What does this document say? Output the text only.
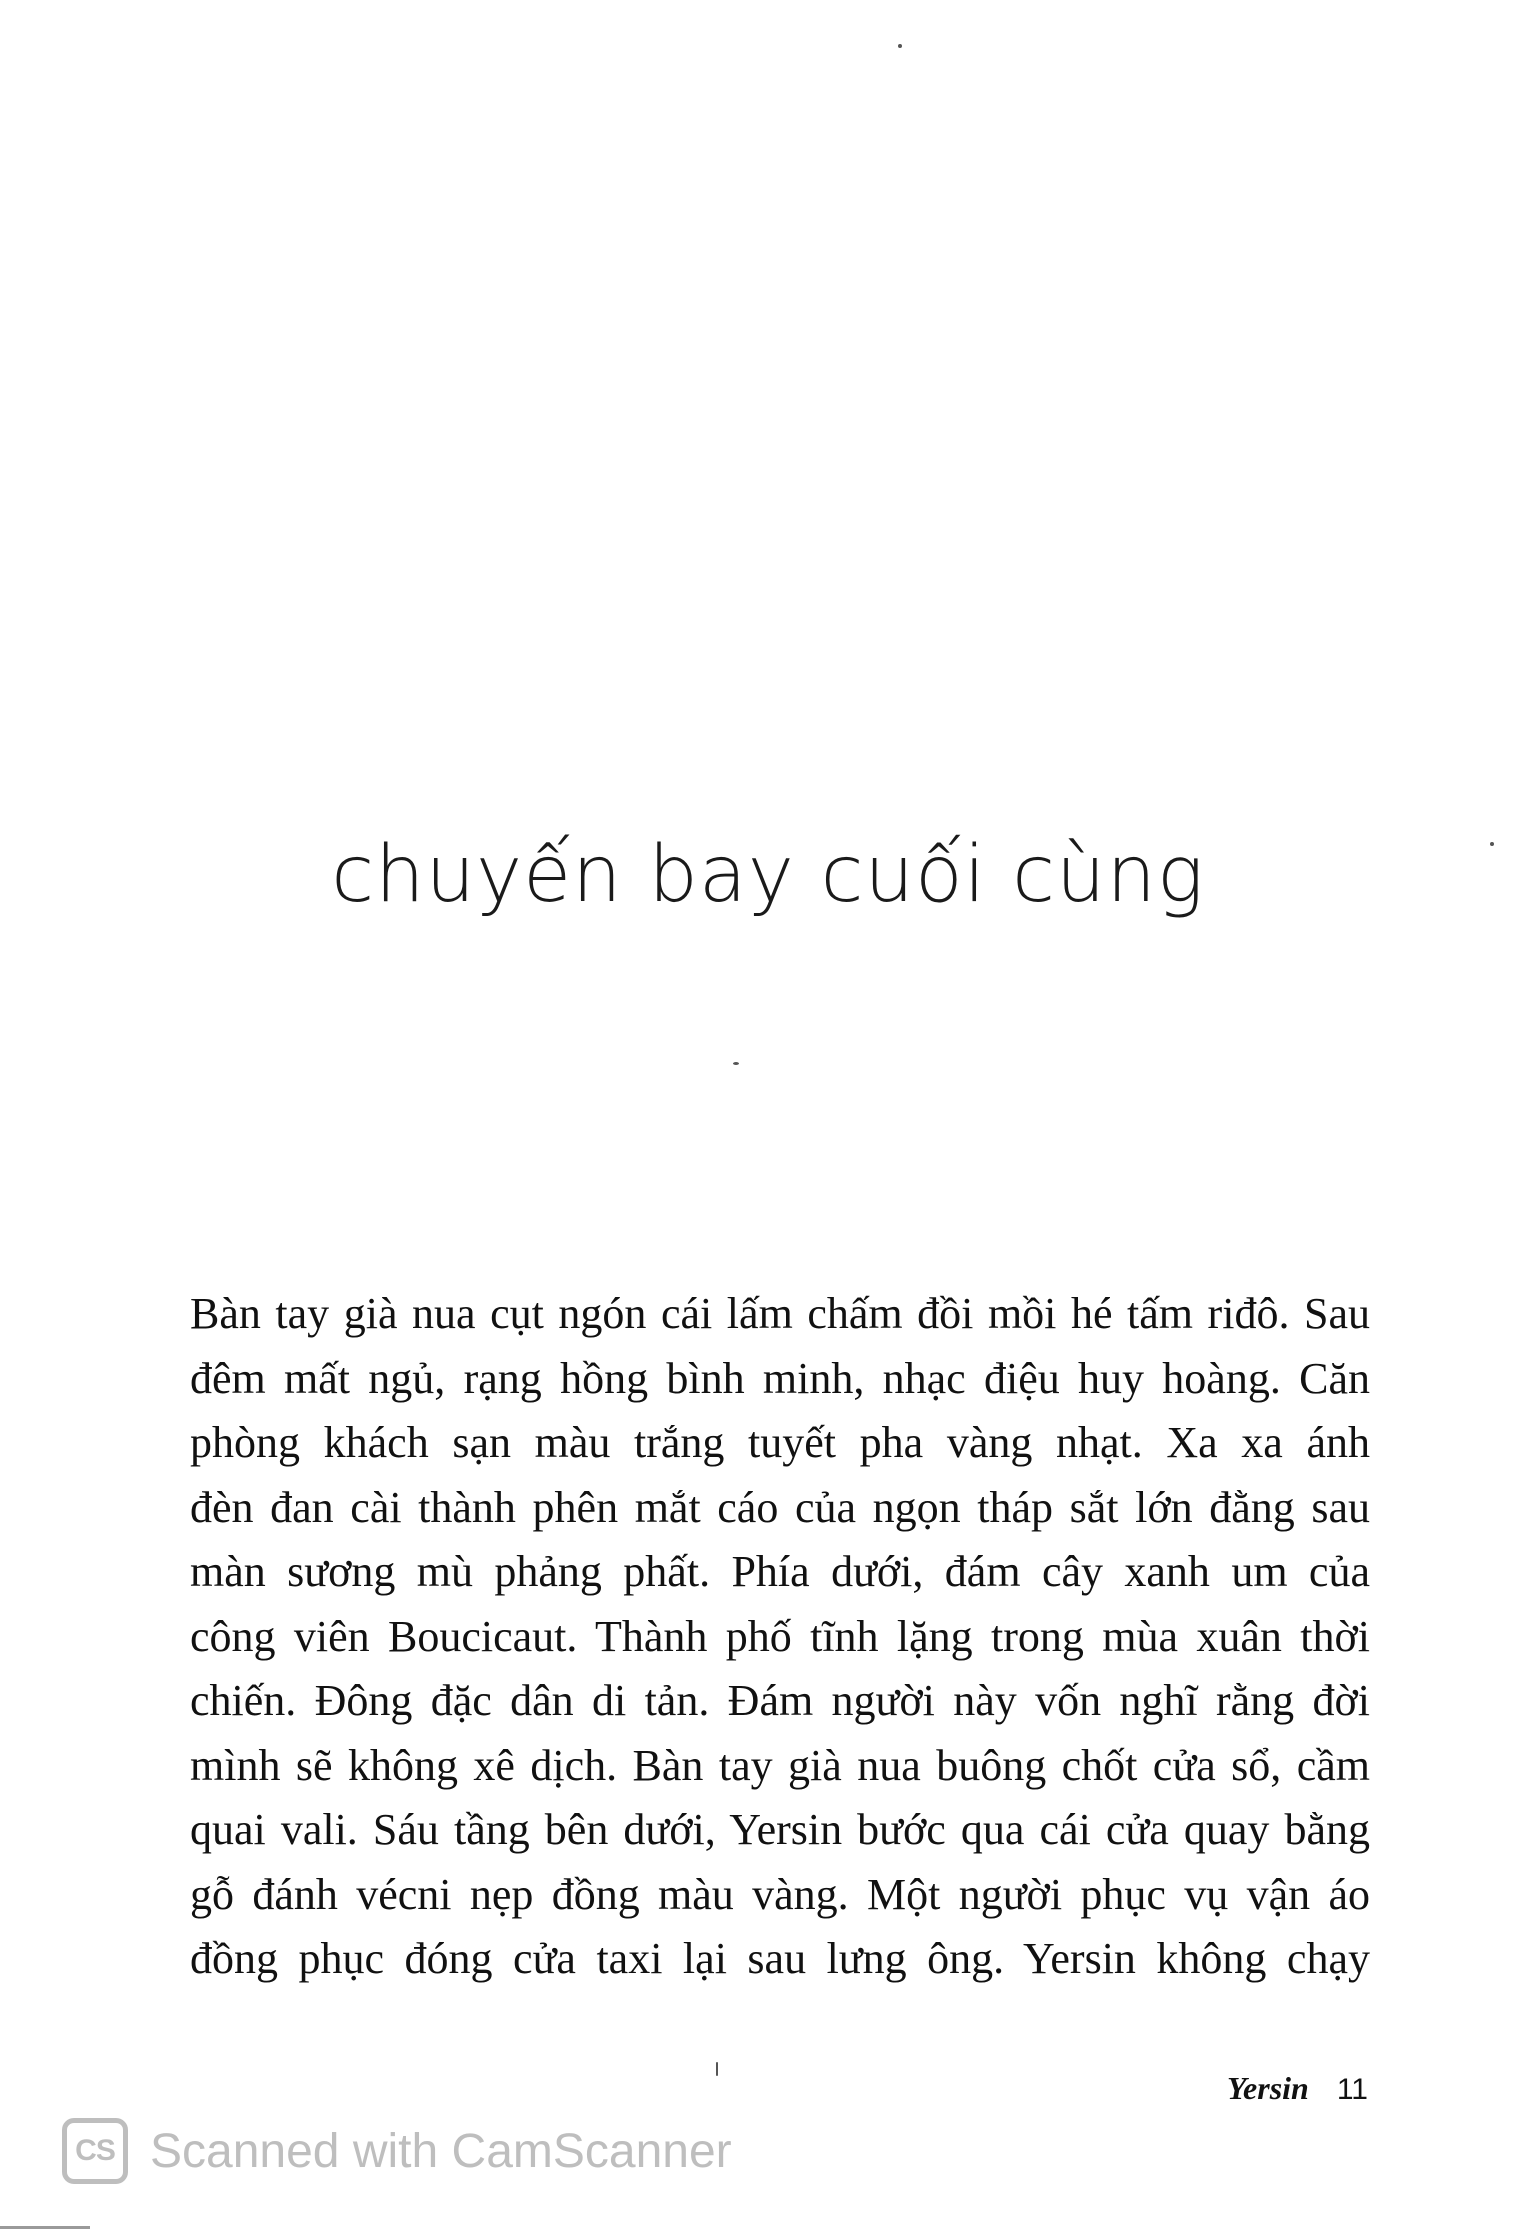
chuyến bay cuối cùng

Bàn tay già nua cụt ngón cái lấm chấm đồi mồi hé tấm riđô. Sau
đêm mất ngủ, rạng hồng bình minh, nhạc điệu huy hoàng. Căn
phòng khách sạn màu trắng tuyết pha vàng nhạt. Xa xa ánh
đèn đan cài thành phên mắt cáo của ngọn tháp sắt lớn đằng sau
màn sương mù phảng phất. Phía dưới, đám cây xanh um của
công viên Boucicaut. Thành phố tĩnh lặng trong mùa xuân thời
chiến. Đông đặc dân di tản. Đám người này vốn nghĩ rằng đời
mình sẽ không xê dịch. Bàn tay già nua buông chốt cửa sổ, cầm
quai vali. Sáu tầng bên dưới, Yersin bước qua cái cửa quay bằng
gỗ đánh vécni nẹp đồng màu vàng. Một người phục vụ vận áo
đồng phục đóng cửa taxi lại sau lưng ông. Yersin không chạy

Yersin 11
CS Scanned with CamScanner
